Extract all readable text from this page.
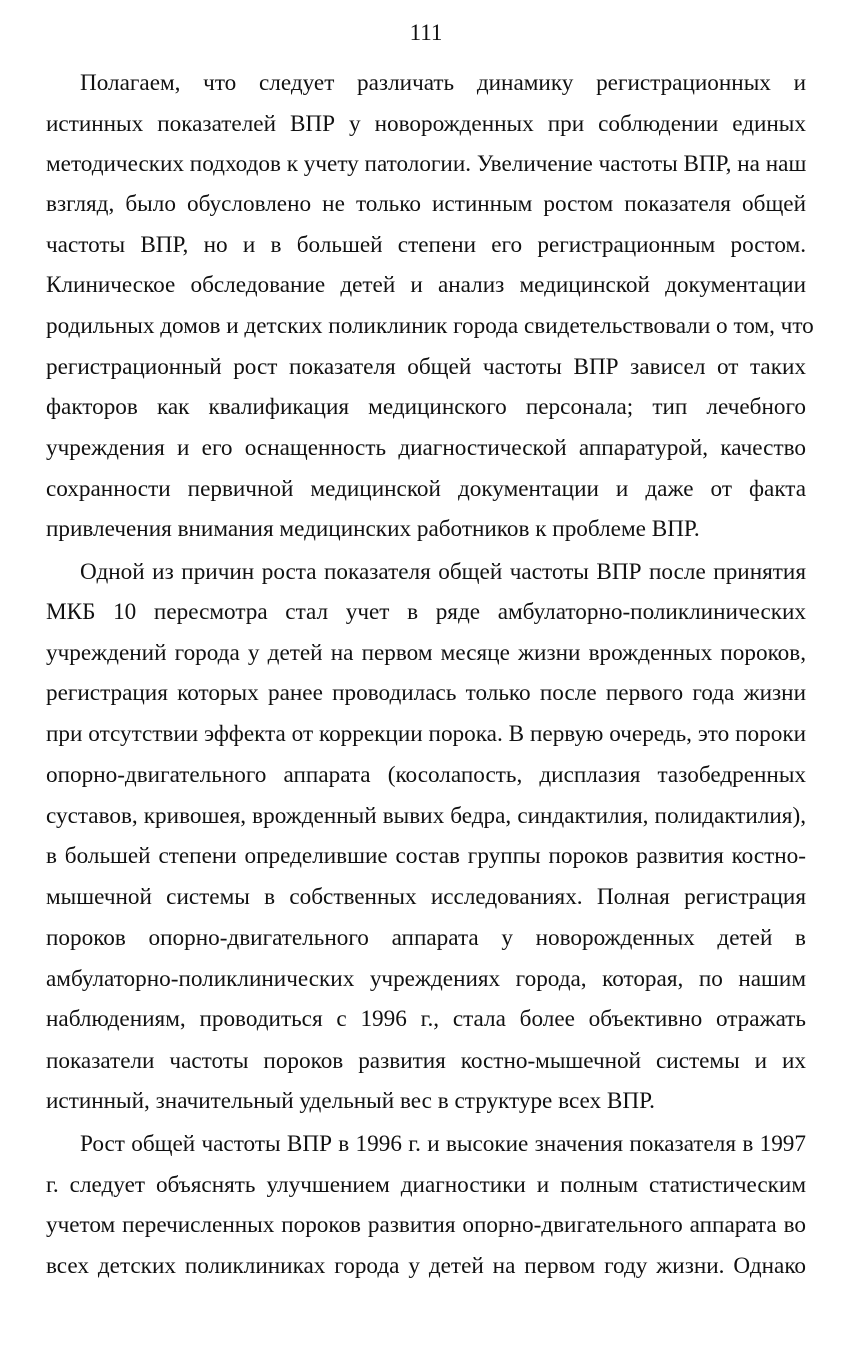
111
Полагаем, что следует различать динамику регистрационных и
истинных показателей ВПР у новорожденных при соблюдении единых
методических подходов к учету патологии. Увеличение частоты ВПР, на наш
взгляд, было обусловлено не только истинным ростом показателя общей
частоты ВПР, но и в большей степени его регистрационным ростом.
Клиническое обследование детей и анализ медицинской документации
родильных домов и детских поликлиник города свидетельствовали о том, что
регистрационный рост показателя общей частоты ВПР зависел от таких
факторов как квалификация медицинского персонала; тип лечебного
учреждения и его оснащенность диагностической аппаратурой, качество
сохранности первичной медицинской документации и даже от факта
привлечения внимания медицинских работников к проблеме ВПР.
Одной из причин роста показателя общей частоты ВПР после принятия
МКБ 10 пересмотра стал учет в ряде амбулаторно-поликлинических
учреждений города у детей на первом месяце жизни врожденных пороков,
регистрация которых ранее проводилась только после первого года жизни
при отсутствии эффекта от коррекции порока. В первую очередь, это пороки
опорно-двигательного аппарата (косолапость, дисплазия тазобедренных
суставов, кривошея, врожденный вывих бедра, синдактилия, полидактилия),
в большей степени определившие состав группы пороков развития костно-
мышечной системы в собственных исследованиях. Полная регистрация
пороков опорно-двигательного аппарата у новорожденных детей в
амбулаторно-поликлинических учреждениях города, которая, по нашим
наблюдениям, проводиться с 1996 г., стала более объективно отражать
показатели частоты пороков развития костно-мышечной системы и их
истинный, значительный удельный вес в структуре всех ВПР.
Рост общей частоты ВПР в 1996 г. и высокие значения показателя в 1997
г. следует объяснять улучшением диагностики и полным статистическим
учетом перечисленных пороков развития опорно-двигательного аппарата во
всех детских поликлиниках города у детей на первом году жизни. Однако
